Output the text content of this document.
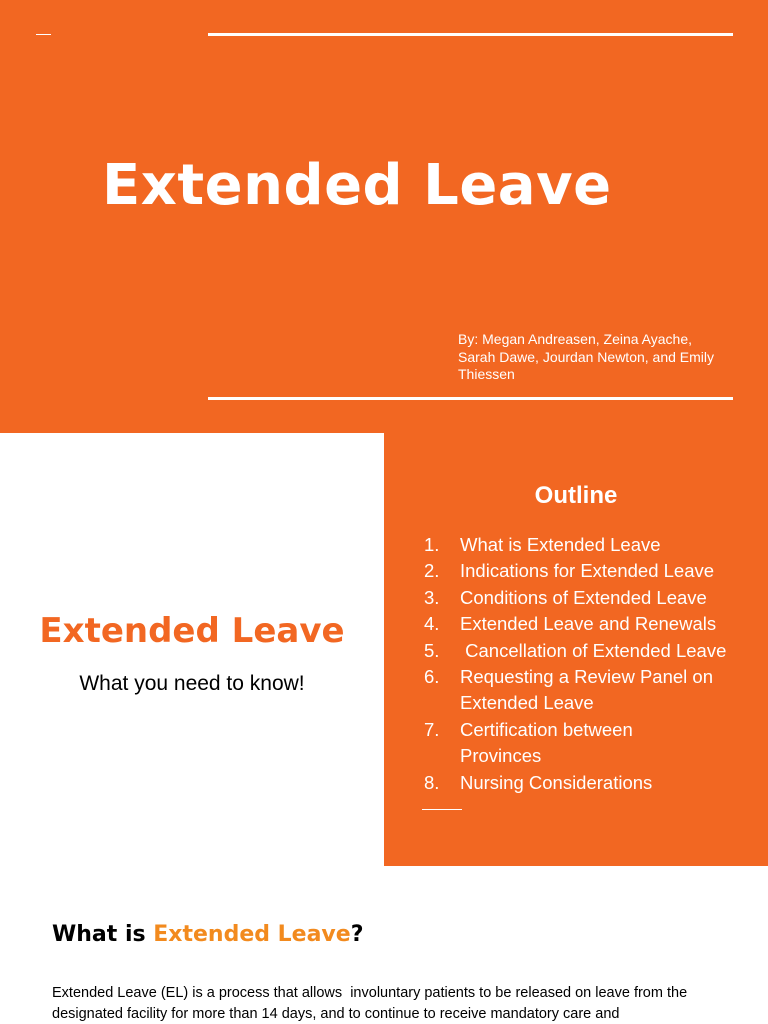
Extended Leave

By: Megan Andreasen, Zeina Ayache, Sarah Dawe, Jourdan Newton, and Emily Thiessen

Extended Leave

What you need to know!

Outline
1.	What is Extended Leave
2.	Indications for Extended Leave
3.	Conditions of Extended Leave
4.	Extended Leave and Renewals
5.	Cancellation of Extended Leave
6.	Requesting a Review Panel on Extended Leave
7.	Certification between Provinces
8.	Nursing Considerations
What is Extended Leave?

Extended Leave (EL) is a process that allows  involuntary patients to be released on leave from the designated facility for more than 14 days, and to continue to receive mandatory care and
